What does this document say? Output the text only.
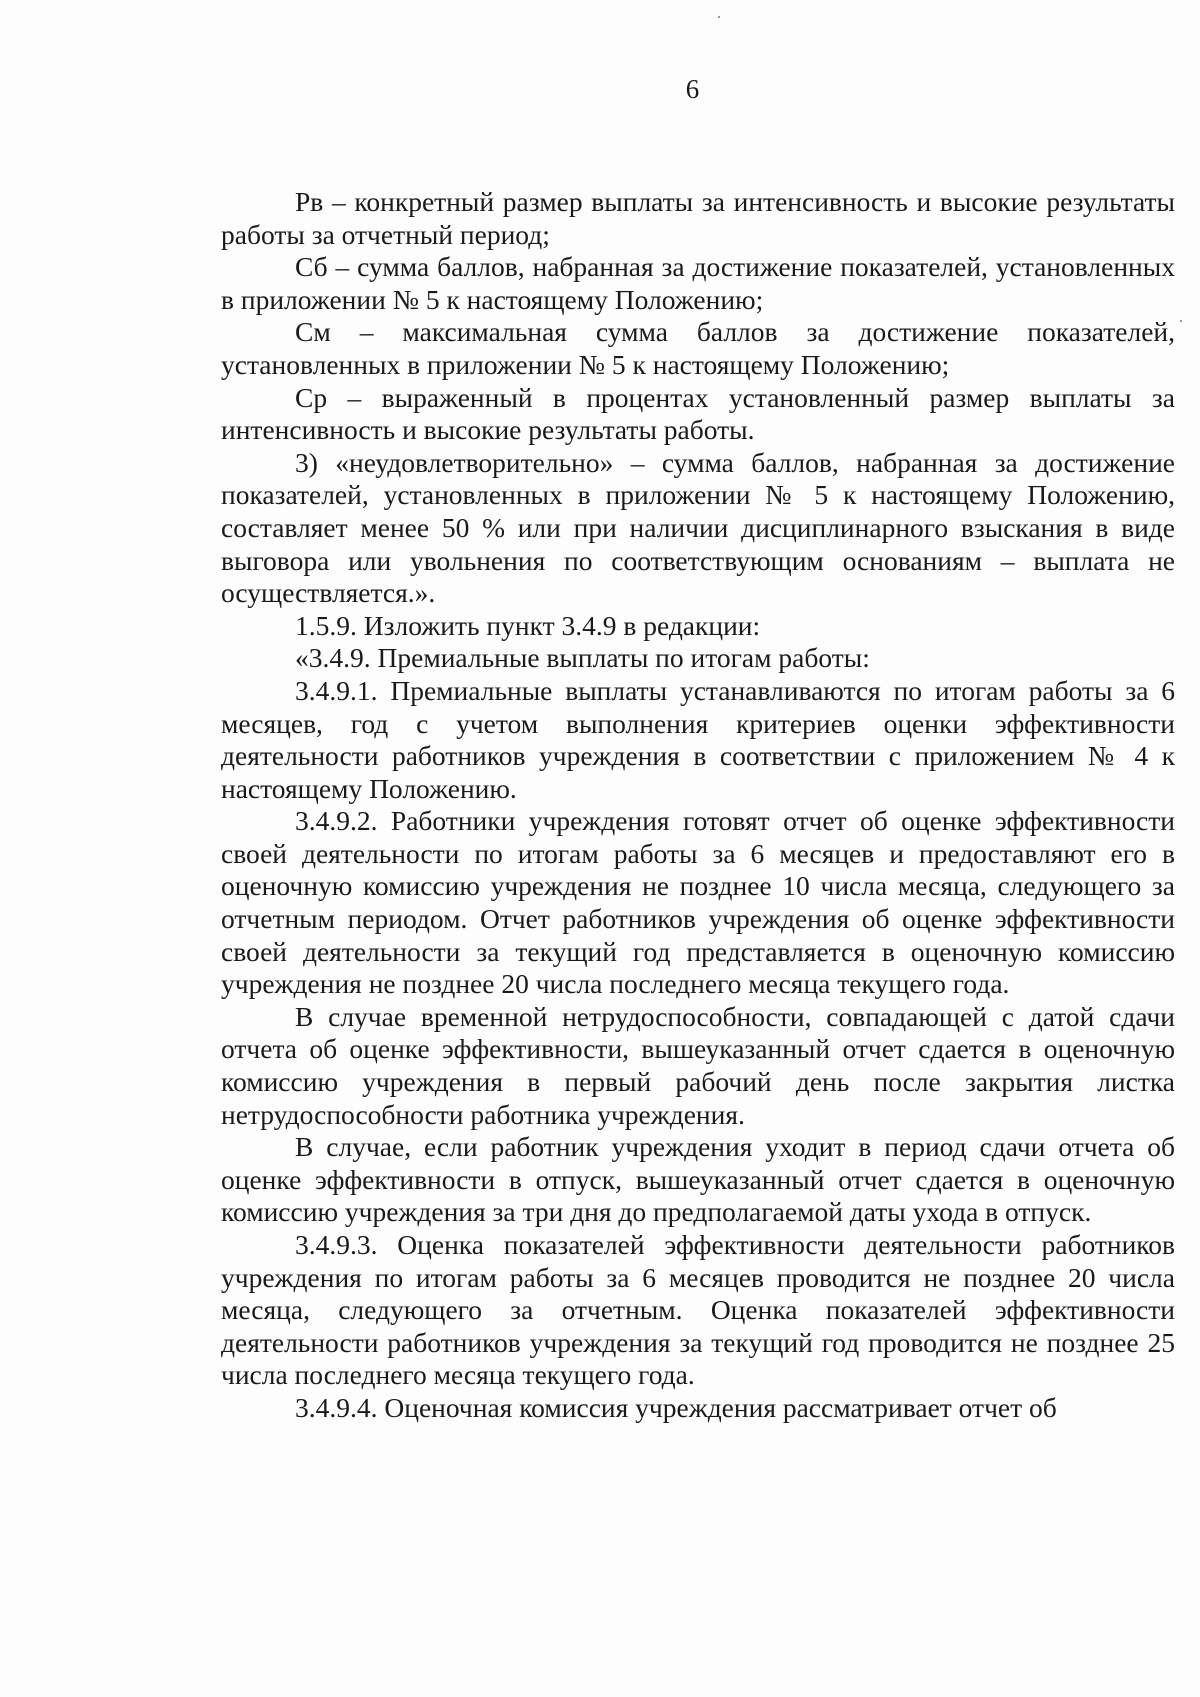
6

Рв – конкретный размер выплаты за интенсивность и высокие результаты работы за отчетный период;

Сб – сумма баллов, набранная за достижение показателей, установленных в приложении № 5 к настоящему Положению;

См – максимальная сумма баллов за достижение показателей, установленных в приложении № 5 к настоящему Положению;

Ср – выраженный в процентах установленный размер выплаты за интенсивность и высокие результаты работы.

3) «неудовлетворительно» – сумма баллов, набранная за достижение показателей, установленных в приложении № 5 к настоящему Положению, составляет менее 50 % или при наличии дисциплинарного взыскания в виде выговора или увольнения по соответствующим основаниям – выплата не осуществляется.».

1.5.9. Изложить пункт 3.4.9 в редакции:

«3.4.9. Премиальные выплаты по итогам работы:

3.4.9.1. Премиальные выплаты устанавливаются по итогам работы за 6 месяцев, год с учетом выполнения критериев оценки эффективности деятельности работников учреждения в соответствии с приложением № 4 к настоящему Положению.

3.4.9.2. Работники учреждения готовят отчет об оценке эффективности своей деятельности по итогам работы за 6 месяцев и предоставляют его в оценочную комиссию учреждения не позднее 10 числа месяца, следующего за отчетным периодом. Отчет работников учреждения об оценке эффективности своей деятельности за текущий год представляется в оценочную комиссию учреждения не позднее 20 числа последнего месяца текущего года.

В случае временной нетрудоспособности, совпадающей с датой сдачи отчета об оценке эффективности, вышеуказанный отчет сдается в оценочную комиссию учреждения в первый рабочий день после закрытия листка нетрудоспособности работника учреждения.

В случае, если работник учреждения уходит в период сдачи отчета об оценке эффективности в отпуск, вышеуказанный отчет сдается в оценочную комиссию учреждения за три дня до предполагаемой даты ухода в отпуск.

3.4.9.3. Оценка показателей эффективности деятельности работников учреждения по итогам работы за 6 месяцев проводится не позднее 20 числа месяца, следующего за отчетным. Оценка показателей эффективности деятельности работников учреждения за текущий год проводится не позднее 25 числа последнего месяца текущего года.

3.4.9.4. Оценочная комиссия учреждения рассматривает отчет об
